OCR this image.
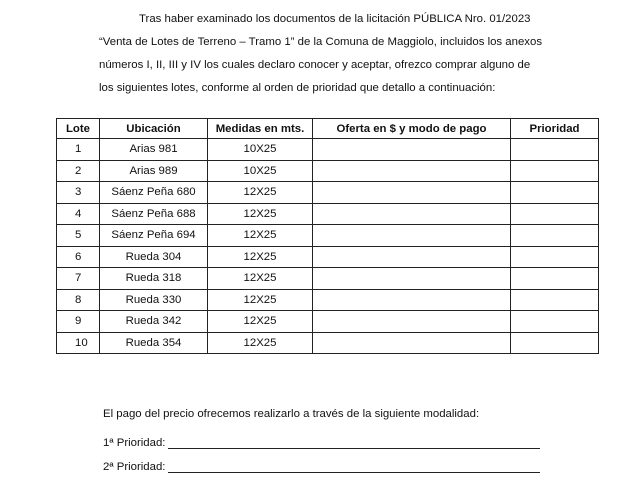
Tras haber examinado los documentos de la licitación PÚBLICA Nro. 01/2023
“Venta de Lotes de Terreno – Tramo 1” de la Comuna de Maggiolo, incluidos los anexos
números I, II, III y IV los cuales declaro conocer y aceptar, ofrezco comprar alguno de
los siguientes lotes, conforme al orden de prioridad que detallo a continuación:
Lote	Ubicación	Medidas en mts.	Oferta en $ y modo de pago	Prioridad
1	Arias 981	10X25		
2	Arias 989	10X25		
3	Sáenz Peña 680	12X25		
4	Sáenz Peña 688	12X25		
5	Sáenz Peña 694	12X25		
6	Rueda 304	12X25		
7	Rueda 318	12X25		
8	Rueda 330	12X25		
9	Rueda 342	12X25		
10	Rueda 354	12X25		
El pago del precio ofrecemos realizarlo a través de la siguiente modalidad:
1ª Prioridad:
2ª Prioridad:
